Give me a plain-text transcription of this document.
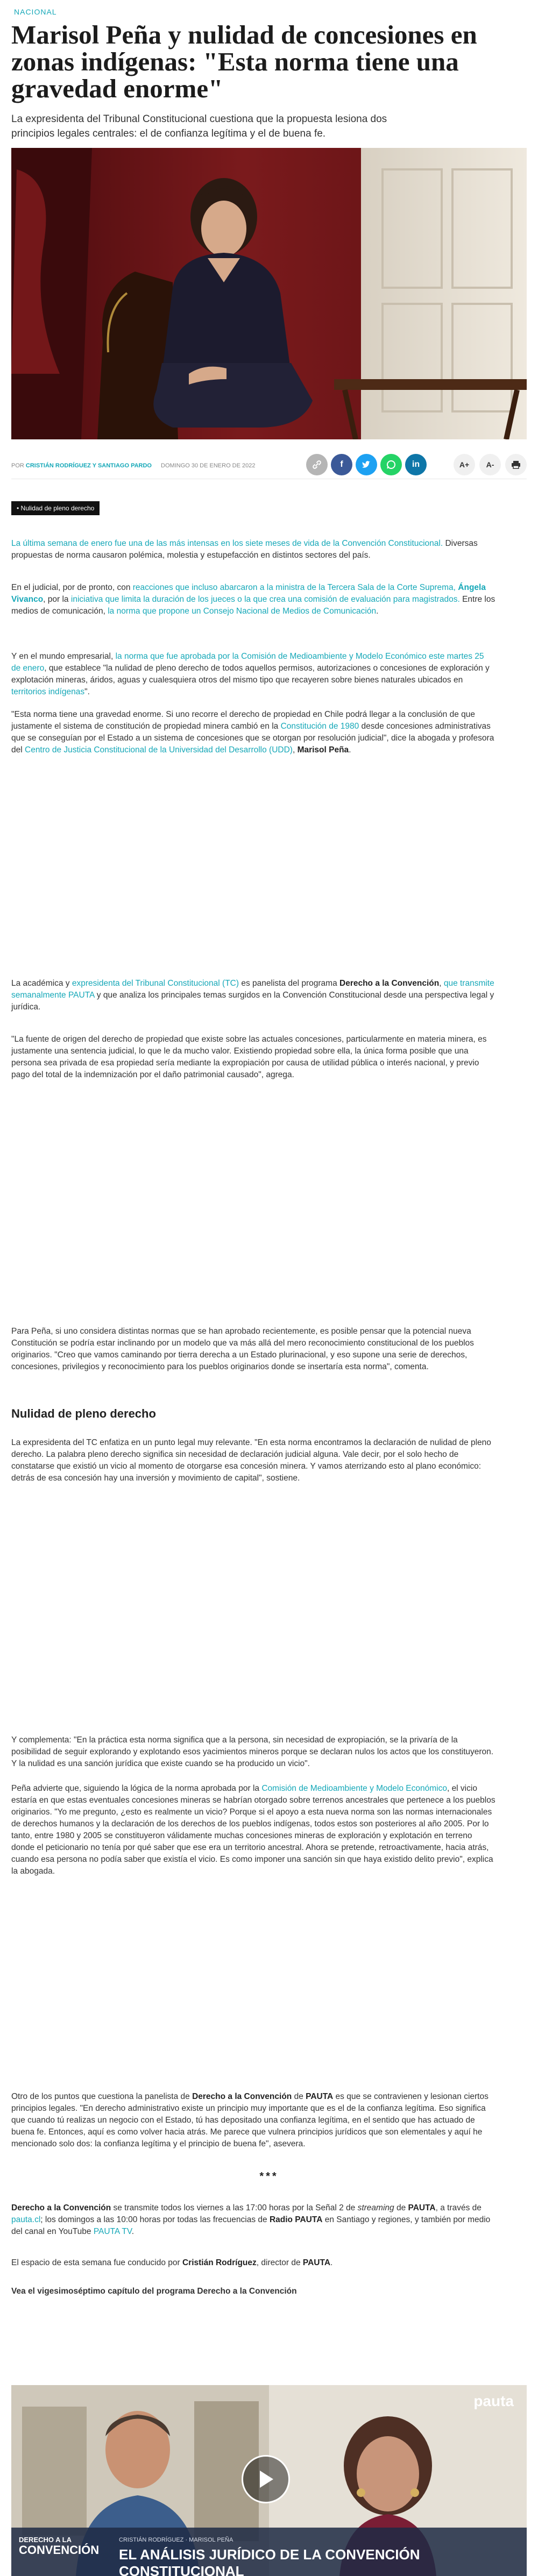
NACIONAL
Marisol Peña y nulidad de concesiones en zonas indígenas: "Esta norma tiene una gravedad enorme"

La expresidenta del Tribunal Constitucional cuestiona que la propuesta lesiona dos principios legales centrales: el de confianza legítima y el de buena fe.

POR CRISTIÁN RODRÍGUEZ Y SANTIAGO PARDO DOMINGO 30 DE ENERO DE 2022	f	in	A+	A-
• Nulidad de pleno derecho

La última semana de enero fue una de las más intensas en los siete meses de vida de la Convención Constitucional. Diversas propuestas de norma causaron polémica, molestia y estupefacción en distintos sectores del país.

En el judicial, por de pronto, con reacciones que incluso abarcaron a la ministra de la Tercera Sala de la Corte Suprema, Ángela Vivanco, por la iniciativa que limita la duración de los jueces o la que crea una comisión de evaluación para magistrados. Entre los medios de comunicación, la norma que propone un Consejo Nacional de Medios de Comunicación.

Y en el mundo empresarial, la norma que fue aprobada por la Comisión de Medioambiente y Modelo Económico este martes 25 de enero, que establece "la nulidad de pleno derecho de todos aquellos permisos, autorizaciones o concesiones de exploración y explotación mineras, áridos, aguas y cualesquiera otros del mismo tipo que recayeren sobre bienes naturales ubicados en territorios indígenas".

"Esta norma tiene una gravedad enorme. Si uno recorre el derecho de propiedad en Chile podrá llegar a la conclusión de que justamente el sistema de constitución de propiedad minera cambió en la Constitución de 1980 desde concesiones administrativas que se conseguían por el Estado a un sistema de concesiones que se otorgan por resolución judicial", dice la abogada y profesora del Centro de Justicia Constitucional de la Universidad del Desarrollo (UDD), Marisol Peña.

La académica y expresidenta del Tribunal Constitucional (TC) es panelista del programa Derecho a la Convención, que transmite semanalmente PAUTA y que analiza los principales temas surgidos en la Convención Constitucional desde una perspectiva legal y jurídica.

"La fuente de origen del derecho de propiedad que existe sobre las actuales concesiones, particularmente en materia minera, es justamente una sentencia judicial, lo que le da mucho valor. Existiendo propiedad sobre ella, la única forma posible que una persona sea privada de esa propiedad sería mediante la expropiación por causa de utilidad pública o interés nacional, y previo pago del total de la indemnización por el daño patrimonial causado", agrega.

Para Peña, si uno considera distintas normas que se han aprobado recientemente, es posible pensar que la potencial nueva Constitución se podría estar inclinando por un modelo que va más allá del mero reconocimiento constitucional de los pueblos originarios. "Creo que vamos caminando por tierra derecha a un Estado plurinacional, y eso supone una serie de derechos, concesiones, privilegios y reconocimiento para los pueblos originarios donde se insertaría esta norma", comenta.

Nulidad de pleno derecho

La expresidenta del TC enfatiza en un punto legal muy relevante. "En esta norma encontramos la declaración de nulidad de pleno derecho. La palabra pleno derecho significa sin necesidad de declaración judicial alguna. Vale decir, por el solo hecho de constatarse que existió un vicio al momento de otorgarse esa concesión minera. Y vamos aterrizando esto al plano económico: detrás de esa concesión hay una inversión y movimiento de capital", sostiene.

Y complementa: "En la práctica esta norma significa que a la persona, sin necesidad de expropiación, se la privaría de la posibilidad de seguir explorando y explotando esos yacimientos mineros porque se declaran nulos los actos que los constituyeron. Y la nulidad es una sanción jurídica que existe cuando se ha producido un vicio".

Peña advierte que, siguiendo la lógica de la norma aprobada por la Comisión de Medioambiente y Modelo Económico, el vicio estaría en que estas eventuales concesiones mineras se habrían otorgado sobre terrenos ancestrales que pertenece a los pueblos originarios. "Yo me pregunto, ¿esto es realmente un vicio? Porque si el apoyo a esta nueva norma son las normas internacionales de derechos humanos y la declaración de los derechos de los pueblos indígenas, todos estos son posteriores al año 2005. Por lo tanto, entre 1980 y 2005 se constituyeron válidamente muchas concesiones mineras de exploración y explotación en terreno donde el peticionario no tenía por qué saber que ese era un territorio ancestral. Ahora se pretende, retroactivamente, hacia atrás, cuando esa persona no podía saber que existía el vicio. Es como imponer una sanción sin que haya existido delito previo", explica la abogada.

Otro de los puntos que cuestiona la panelista de Derecho a la Convención de PAUTA es que se contravienen y lesionan ciertos principios legales. "En derecho administrativo existe un principio muy importante que es el de la confianza legítima. Eso significa que cuando tú realizas un negocio con el Estado, tú has depositado una confianza legítima, en el sentido que has actuado de buena fe. Entonces, aquí es como volver hacia atrás. Me parece que vulnera principios jurídicos que son elementales y aquí he mencionado solo dos: la confianza legítima y el principio de buena fe", asevera.

***

Derecho a la Convención se transmite todos los viernes a las 17:00 horas por la Señal 2 de streaming de PAUTA, a través de pauta.cl; los domingos a las 10:00 horas por todas las frecuencias de Radio PAUTA en Santiago y regiones, y también por medio del canal en YouTube PAUTA TV.

El espacio de esta semana fue conducido por Cristián Rodríguez, director de PAUTA.

Vea el vigesimoséptimo capítulo del programa Derecho a la Convención

pauta
DERECHO A LA
CONVENCIÓN
CRISTIÁN RODRÍGUEZ · MARISOL PEÑA
EL ANÁLISIS JURÍDICO DE LA CONVENCIÓN CONSTITUCIONAL
